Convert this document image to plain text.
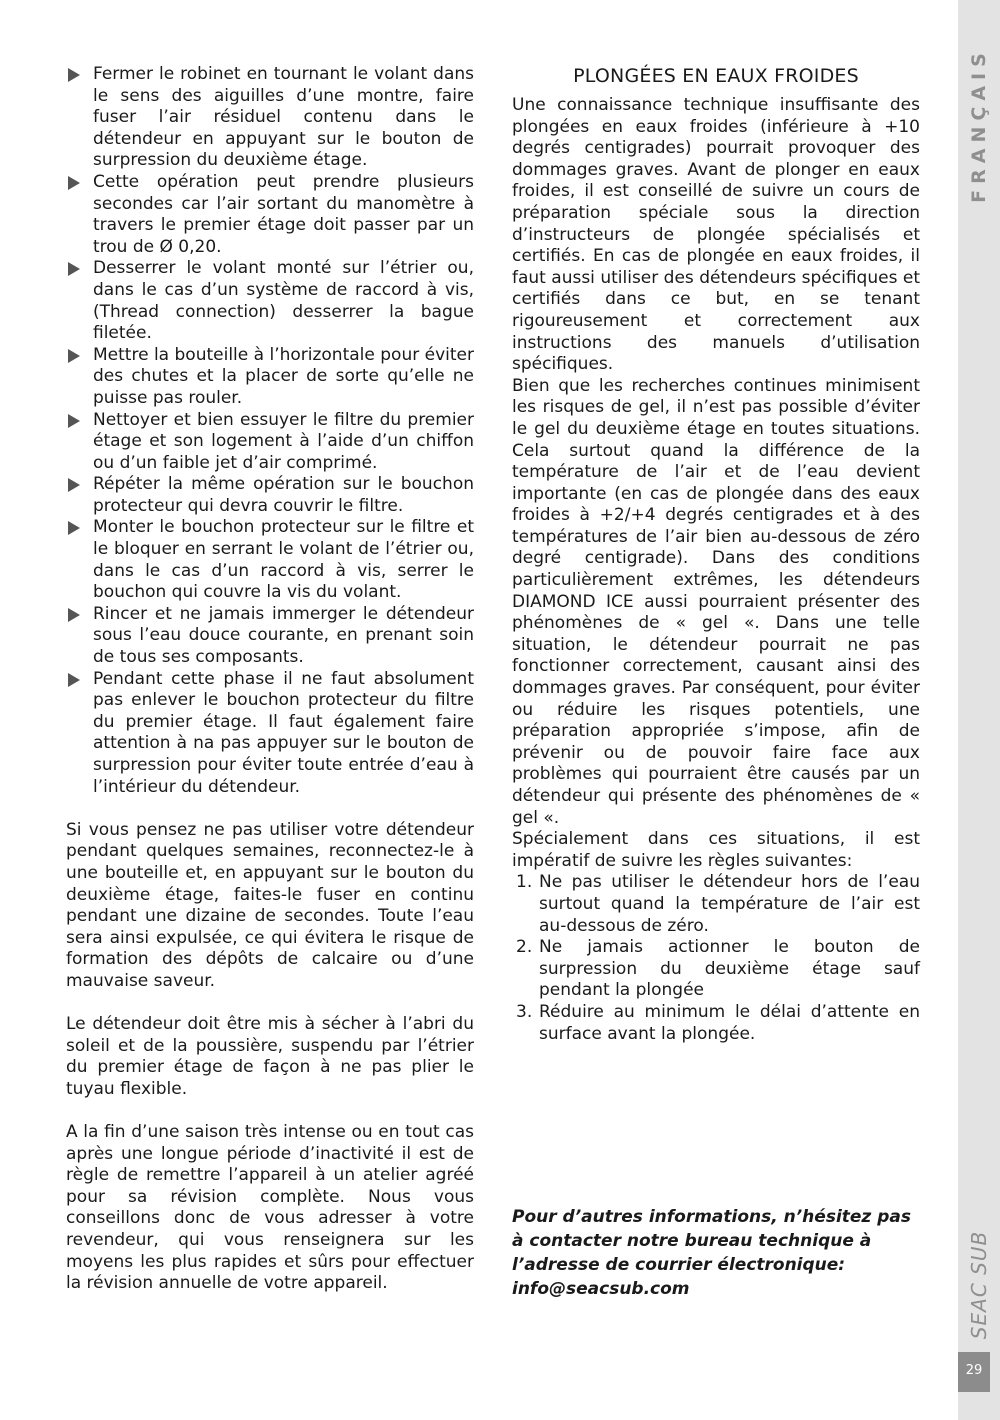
Fermer le robinet en tournant le volant dans le sens des aiguilles d’une montre, faire fuser l’air résiduel contenu dans le détendeur en appuyant sur le bouton de surpression du deuxième étage.
Cette opération peut prendre plusieurs secondes car l’air sortant du manomètre à travers le premier étage doit passer par un trou de Ø 0,20.
Desserrer le volant monté sur l’étrier ou, dans le cas d’un système de raccord à vis, (Thread connection) desserrer la bague filetée.
Mettre la bouteille à l’horizontale pour éviter des chutes et la placer de sorte qu’elle ne puisse pas rouler.
Nettoyer et bien essuyer le filtre du premier étage et son logement à l’aide d’un chiffon ou d’un faible jet d’air comprimé.
Répéter la même opération sur le bouchon protecteur qui devra couvrir le filtre.
Monter le bouchon protecteur sur le filtre et le bloquer en serrant le volant de l’étrier ou, dans le cas d’un raccord à vis, serrer le bouchon qui couvre la vis du volant.
Rincer et ne jamais immerger le détendeur sous l’eau douce courante, en prenant soin de tous ses composants.
Pendant cette phase il ne faut absolument pas enlever le bouchon protecteur du filtre du premier étage. Il faut également faire attention à na pas appuyer sur le bouton de surpression pour éviter toute entrée d’eau à l’intérieur du détendeur.

Si vous pensez ne pas utiliser votre détendeur pendant quelques semaines, reconnectez-le à une bouteille et, en appuyant sur le bouton du deuxième étage, faites-le fuser en continu pendant une dizaine de secondes. Toute l’eau sera ainsi expulsée, ce qui évitera le risque de formation des dépôts de calcaire ou d’une mauvaise saveur.

Le détendeur doit être mis à sécher à l’abri du soleil et de la poussière, suspendu par l’étrier du premier étage de façon à ne pas plier le tuyau flexible.

A la fin d’une saison très intense ou en tout cas après une longue période d’inactivité il est de règle de remettre l’appareil à un atelier agréé pour sa révision complète. Nous vous conseillons donc de vous adresser à votre revendeur, qui vous renseignera sur les moyens les plus rapides et sûrs pour effectuer la révision annuelle de votre appareil.

PLONGÉES EN EAUX FROIDES

Une connaissance technique insuffisante des plongées en eaux froides (inférieure à +10 degrés centigrades) pourrait provoquer des dommages graves. Avant de plonger en eaux froides, il est conseillé de suivre un cours de préparation spéciale sous la direction d’instructeurs de plongée spécialisés et certifiés. En cas de plongée en eaux froides, il faut aussi utiliser des détendeurs spécifiques et certifiés dans ce but, en se tenant rigoureusement et correctement aux instructions des manuels d’utilisation spécifiques.

Bien que les recherches continues minimisent les risques de gel, il n’est pas possible d’éviter le gel du deuxième étage en toutes situations. Cela surtout quand la différence de la température de l’air et de l’eau devient importante (en cas de plongée dans des eaux froides à +2/+4 degrés centigrades et à des températures de l’air bien au-dessous de zéro degré centigrade). Dans des conditions particulièrement extrêmes, les détendeurs DIAMOND ICE aussi pourraient présenter des phénomènes de « gel «. Dans une telle situation, le détendeur pourrait ne pas fonctionner correctement, causant ainsi des dommages graves. Par conséquent, pour éviter ou réduire les risques potentiels, une préparation appropriée s’impose, afin de prévenir ou de pouvoir faire face aux problèmes qui pourraient être causés par un détendeur qui présente des phénomènes de « gel «.

Spécialement dans ces situations, il est impératif de suivre les règles suivantes:

1. Ne pas utiliser le détendeur hors de l’eau surtout quand la température de l’air est au-dessous de zéro.
2. Ne jamais actionner le bouton de surpression du deuxième étage sauf pendant la plongée
3. Réduire au minimum le délai d’attente en surface avant la plongée.

Pour d’autres informations, n’hésitez pas à contacter notre bureau technique à l’adresse de courrier électronique: info@seacsub.com

FRANÇAIS
SEAC SUB
29
